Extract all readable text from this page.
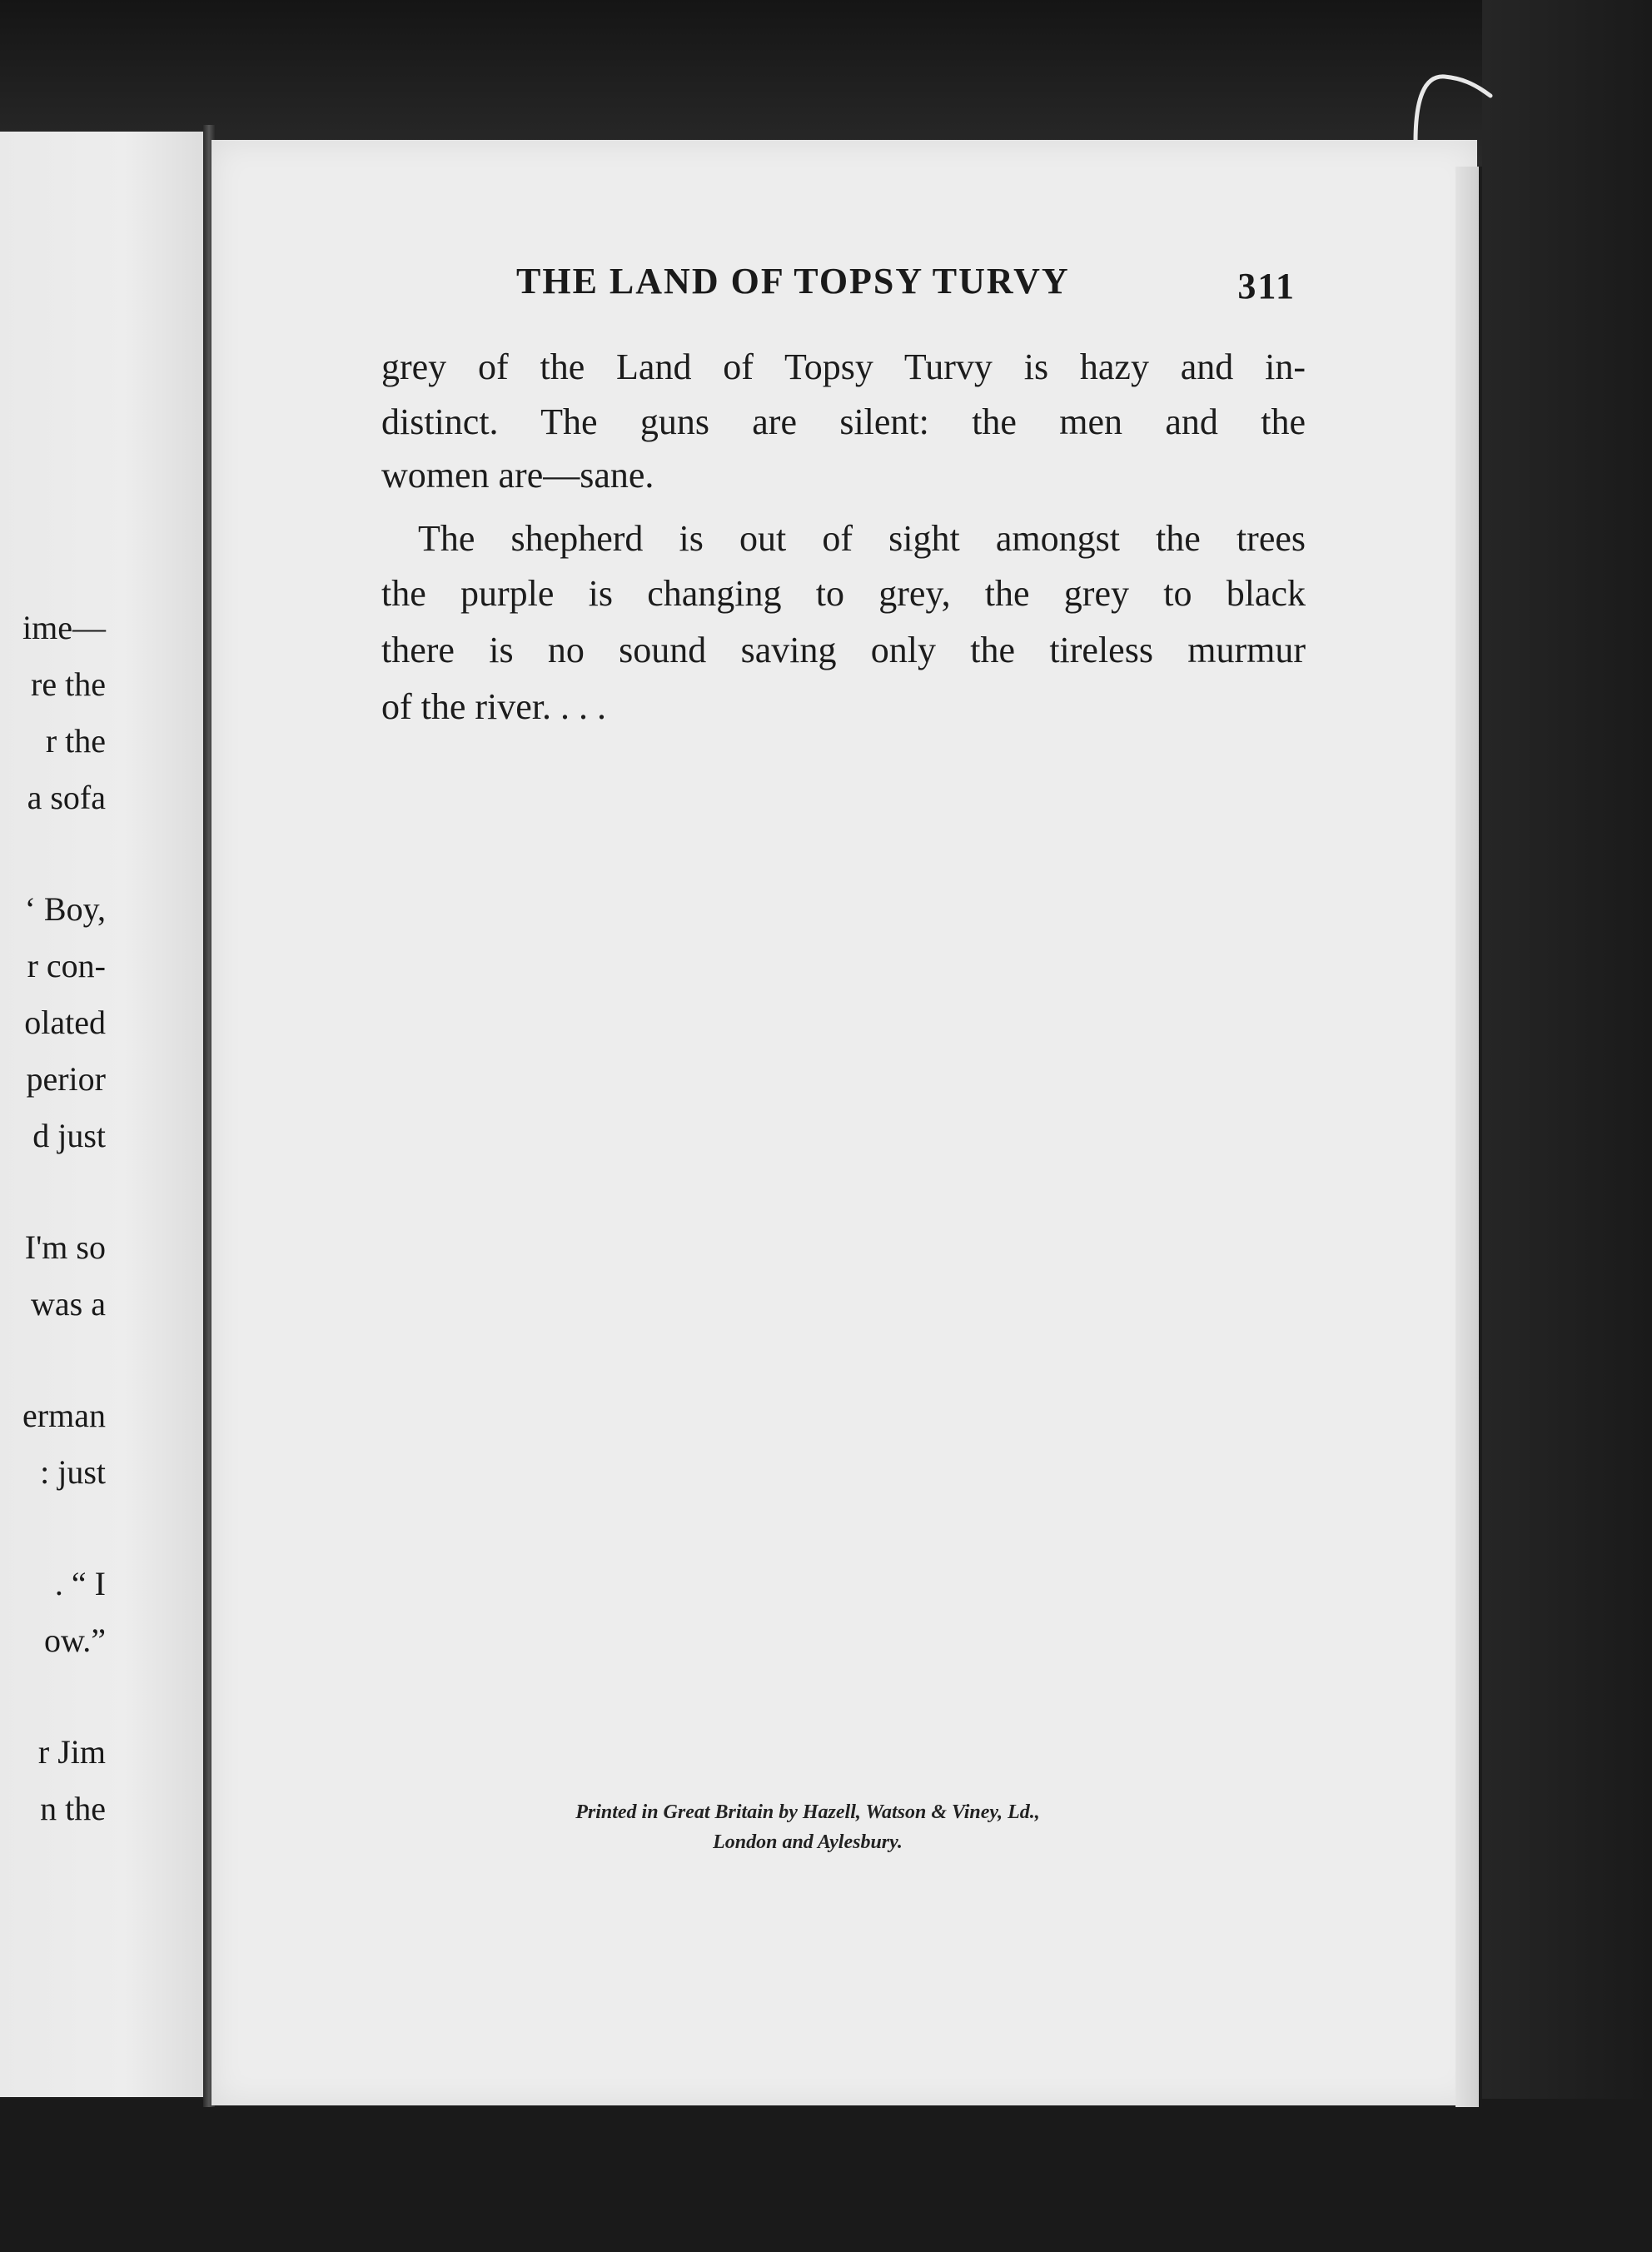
ime—
re the
r the
a sofa
‘ Boy,
r con-
olated
perior
d just
I'm so
was a
erman
: just
. “ I
ow.”
r Jim
n the
THE LAND OF TOPSY TURVY	311
grey of the Land of Topsy Turvy is hazy and in-
distinct. The guns are silent: the men and the
women are—sane.
The shepherd is out of sight amongst the trees
the purple is changing to grey, the grey to black
there is no sound saving only the tireless murmur
of the river. . . .
Printed in Great Britain by Hazell, Watson & Viney, Ld.,
London and Aylesbury.
